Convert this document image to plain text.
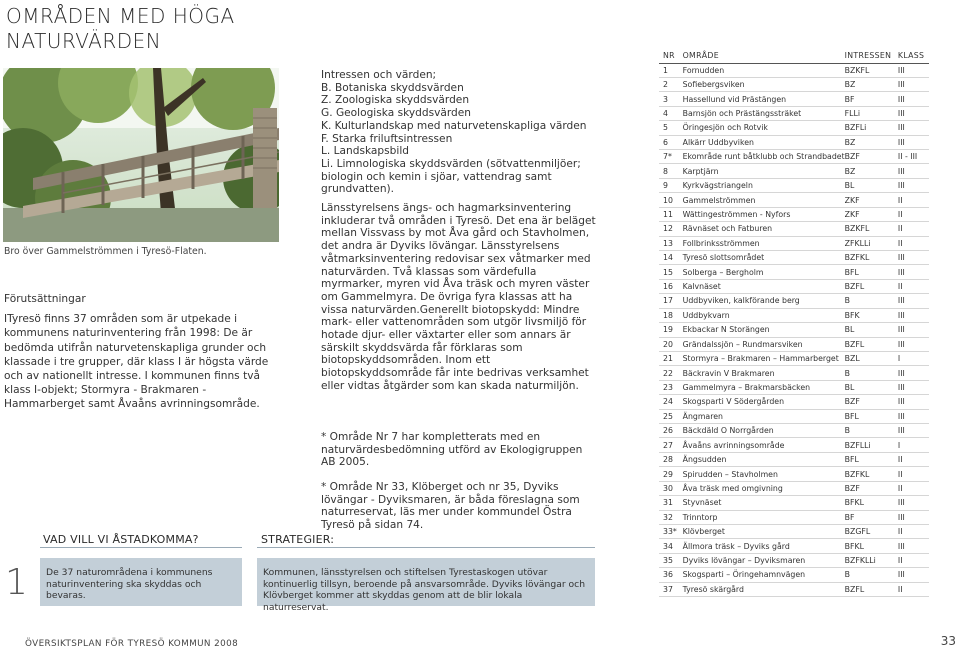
OMRÅDEN MED HÖGA
NATURVÄRDEN
Bro över Gammelströmmen i Tyresö-Flaten.
Förutsättningar
ITyresö finns 37 områden som är utpekade i kommunens naturinventering från 1998: De är bedömda utifrån naturvetenskapliga grunder och klassade i tre grupper, där klass I är högsta värde och av nationellt intresse. I kommunen finns två klass I-objekt; Stormyra - Brakmaren -Hammarberget samt Åvaåns avrinningsområde.
1
VAD VILL VI ÅSTADKOMMA?
De 37 naturområdena i kommunens naturinventering ska skyddas och bevaras.
STRATEGIER:
Kommunen, länsstyrelsen och stiftelsen Tyrestaskogen utövar kontinuerlig tillsyn, beroende på ansvarsområde. Dyviks lövängar och Klövberget kommer att skyddas genom att de blir lokala naturreservat.
Intressen och värden;
B. Botaniska skyddsvärden
Z. Zoologiska skyddsvärden
G. Geologiska skyddsvärden
K. Kulturlandskap med naturvetenskapliga värden
F. Starka friluftsintressen
L. Landskapsbild
Li. Limnologiska skyddsvärden (sötvattenmiljöer; biologin och kemin i sjöar, vattendrag samt grundvatten).
Länsstyrelsens ängs- och hagmarksinventering inkluderar två områden i Tyresö. Det ena är beläget mellan Vissvass by mot Åva gård och Stavholmen, det andra är Dyviks lövängar. Länsstyrelsens våtmarksinventering redovisar sex våtmarker med naturvärden. Två klassas som värdefulla myrmarker, myren vid Åva träsk och myren väster om Gammelmyra. De övriga fyra klassas att ha vissa naturvärden.Generellt biotopskydd: Mindre mark- eller vattenområden som utgör livsmiljö för hotade djur- eller växtarter eller som annars är särskilt skyddsvärda får förklaras som biotopskyddsområden. Inom ett biotopskyddsområde får inte bedrivas verksamhet eller vidtas åtgärder som kan skada naturmiljön.
* Område Nr 7 har kompletterats med en naturvärdesbedömning utförd av Ekologigruppen AB 2005.
* Område Nr 33, Klöberget och nr 35, Dyviks lövängar - Dyviksmaren, är båda föreslagna som naturreservat, läs mer under kommundel Östra Tyresö på sidan 74.
NR	OMRÅDE	INTRESSEN	KLASS
1	Fornudden	BZKFL	III
2	Sofiebergsviken	BZ	III
3	Hassellund vid Prästängen	BF	III
4	Barnsjön och Prästängssträket	FLLi	III
5	Öringesjön och Rotvik	BZFLi	III
6	Alkärr Uddbyviken	BZ	III
7*	Ekområde runt båtklubb och Strandbadet	BZF	II - III
8	Karptjärn	BZ	III
9	Kyrkvägstriangeln	BL	III
10	Gammelströmmen	ZKF	II
11	Wättingeströmmen - Nyfors	ZKF	II
12	Rävnäset och Fatburen	BZKFL	II
13	Follbrinksströmmen	ZFKLLi	II
14	Tyresö slottsområdet	BZFKL	III
15	Solberga – Bergholm	BFL	III
16	Kalvnäset	BZFL	II
17	Uddbyviken, kalkförande berg	B	III
18	Uddbykvarn	BFK	III
19	Ekbackar N Storängen	BL	III
20	Grändalssjön – Rundmarsviken	BZFL	III
21	Stormyra – Brakmaren – Hammarberget	BZL	I
22	Bäckravin V Brakmaren	B	III
23	Gammelmyra – Brakmarsbäcken	BL	III
24	Skogsparti V Södergården	BZF	III
25	Ängmaren	BFL	III
26	Bäckdäld O Norrgården	B	III
27	Åvaåns avrinningsområde	BZFLLi	I
28	Ängsudden	BFL	II
29	Spirudden – Stavholmen	BZFKL	II
30	Åva träsk med omgivning	BZF	II
31	Styvnäset	BFKL	III
32	Trinntorp	BF	III
33*	Klövberget	BZGFL	II
34	Ällmora träsk – Dyviks gård	BFKL	III
35	Dyviks lövängar – Dyviksmaren	BZFKLLi	II
36	Skogsparti – Öringehamnvägen	B	III
37	Tyresö skärgård	BZFL	II
ÖVERSIKTSPLAN FÖR TYRESÖ KOMMUN 2008	33
